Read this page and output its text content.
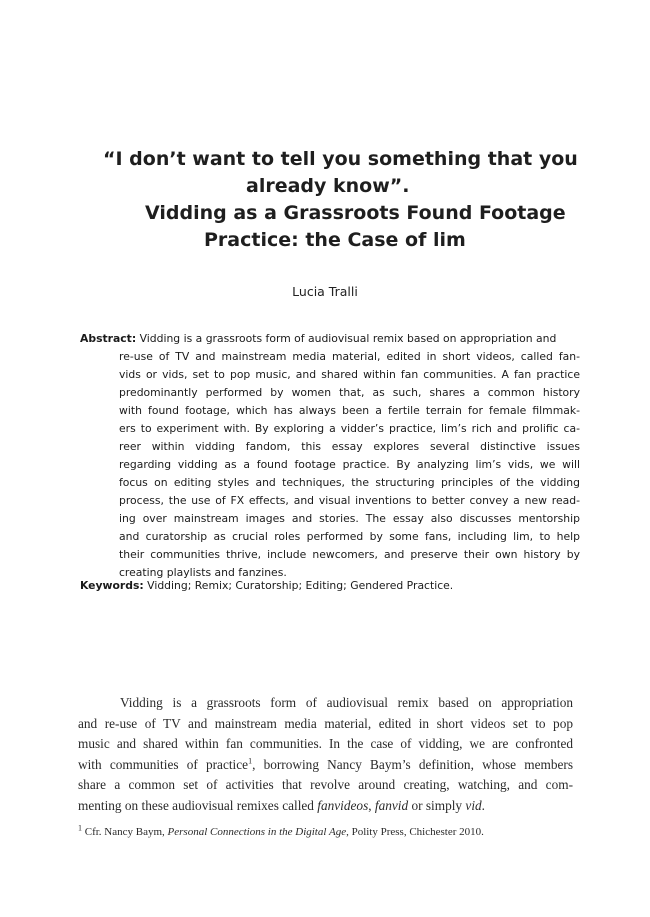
“I don’t want to tell you something that you
already know”.
Vidding as a Grassroots Found Footage
Practice: the Case of lim
Lucia Tralli
Abstract: Vidding is a grassroots form of audiovisual remix based on appropriation and
re-use of TV and mainstream media material, edited in short videos, called fan-
vids or vids, set to pop music, and shared within fan communities. A fan practice
predominantly performed by women that, as such, shares a common history
with found footage, which has always been a fertile terrain for female filmmak-
ers to experiment with. By exploring a vidder’s practice, lim’s rich and prolific ca-
reer within vidding fandom, this essay explores several distinctive issues
regarding vidding as a found footage practice. By analyzing lim’s vids, we will
focus on editing styles and techniques, the structuring principles of the vidding
process, the use of FX effects, and visual inventions to better convey a new read-
ing over mainstream images and stories. The essay also discusses mentorship
and curatorship as crucial roles performed by some fans, including lim, to help
their communities thrive, include newcomers, and preserve their own history by
creating playlists and fanzines.
Keywords: Vidding; Remix; Curatorship; Editing; Gendered Practice.
Vidding is a grassroots form of audiovisual remix based on appropriation
and re-use of TV and mainstream media material, edited in short videos set to pop
music and shared within fan communities. In the case of vidding, we are confronted
with communities of practice$^1$, borrowing Nancy Baym’s definition, whose members
share a common set of activities that revolve around creating, watching, and com-
menting on these audiovisual remixes called fanvideos, fanvid or simply vid.
$^1$ Cfr. Nancy Baym, Personal Connections in the Digital Age, Polity Press, Chichester 2010.
